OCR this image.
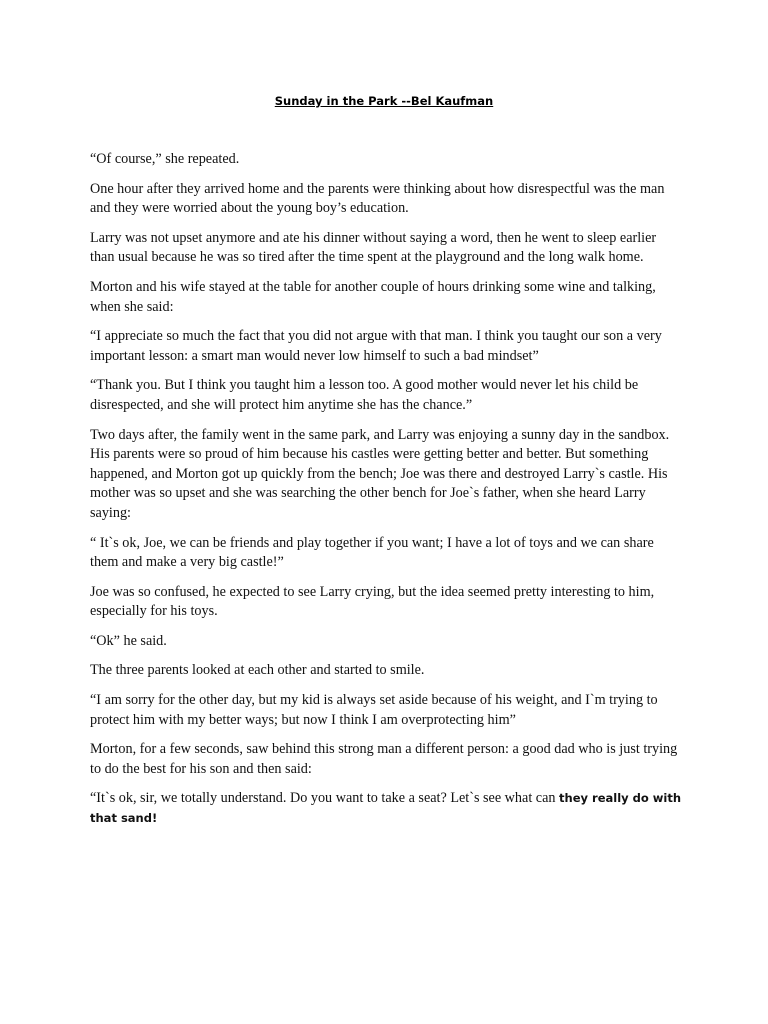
Sunday in the Park --Bel Kaufman

“Of course,” she repeated.

One hour after they arrived home and the parents were thinking about how disrespectful was the man and they were worried about the young boy’s education.

Larry was not upset anymore and ate his dinner without saying a word, then he went to sleep earlier than usual because he was so tired after the time spent at the playground and the long walk home.

Morton and his wife stayed at the table for another couple of hours drinking some wine and talking, when she said:

“I appreciate so much the fact that you did not argue with that man. I think you taught our son a very important lesson: a smart man would never low himself to such a bad mindset”

“Thank you. But I think you taught him a lesson too. A good mother would never let his child be disrespected, and she will protect him anytime she has the chance.”

Two days after, the family went in the same park, and Larry was enjoying a sunny day in the sandbox. His parents were so proud of him because his castles were getting better and better. But something happened, and Morton got up quickly from the bench; Joe was there and destroyed Larry`s castle. His mother was so upset and she was searching the other bench for Joe`s father, when she heard Larry saying:

“ It`s ok, Joe, we can be friends and play together if you want; I have a lot of toys and we can share them and make a very big castle!”

Joe was so confused, he expected to see Larry crying, but the idea seemed pretty interesting to him, especially for his toys.

“Ok” he said.

The three parents looked at each other and started to smile.

“I am sorry for the other day, but my kid is always set aside because of his weight, and I`m trying to protect him with my better ways; but now I think I am overprotecting him”

Morton, for a few seconds, saw behind this strong man a different person: a good dad who is just trying to do the best for his son and then said:

“It`s ok, sir, we totally understand. Do you want to take a seat? Let`s see what can they really do with that sand!
